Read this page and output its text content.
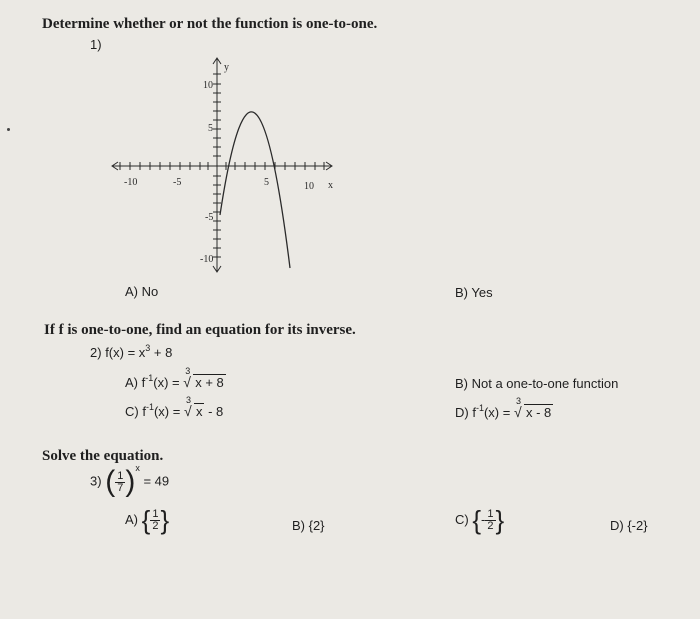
Determine whether or not the function is one-to-one.
1)
-10	-5	5	10 x
y
10
5
-5
-10
A) No	B) Yes
If f is one-to-one, find an equation for its inverse.
2) $f(x) = x^3 + 8$
A) $f^{-1}(x)$ =
3
√ x + 8	B) Not a one-to-one function
C) $f^{-1}(x)$ =
3
√ x - 8	D) $f^{-1}(x)$ =
3
√ x - 8
Solve the equation.
3) ( $\frac{1}{7} )^x = 49$
A) { $\frac{1}{2}$ }	B) {2}	C) {- $\frac{1}{2}$ }	D) {-2}
